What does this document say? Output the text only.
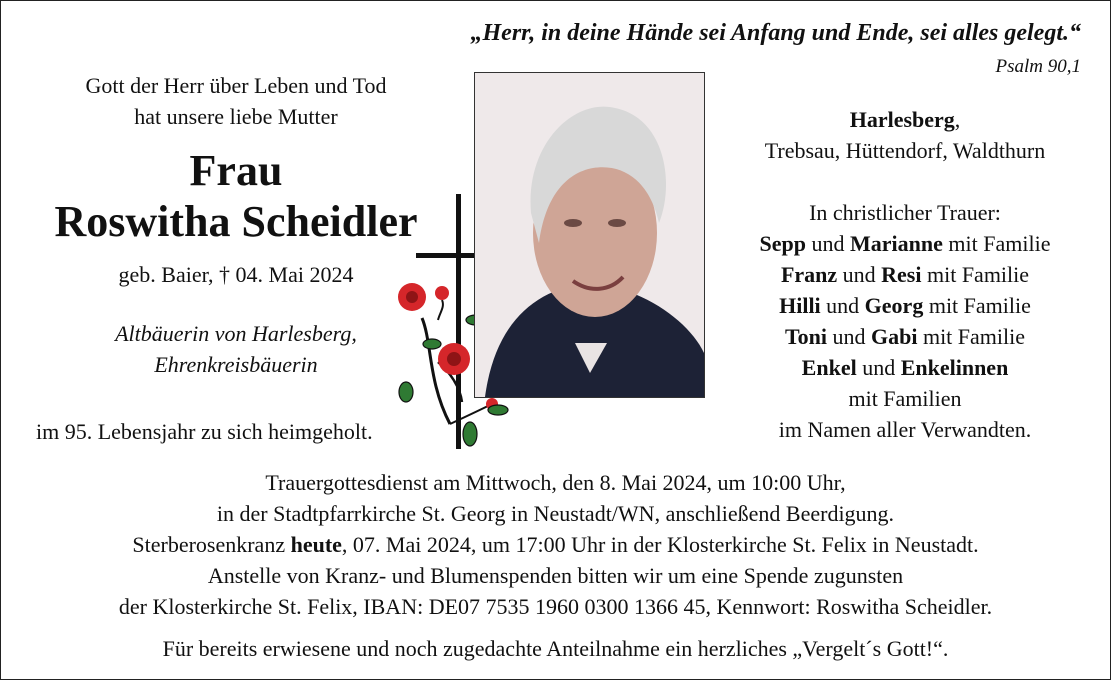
„Herr, in deine Hände sei Anfang und Ende, sei alles gelegt.“
Psalm 90,1
Gott der Herr über Leben und Tod
hat unsere liebe Mutter
Frau
Roswitha Scheidler
geb. Baier, † 04. Mai 2024
Altbäuerin von Harlesberg,
Ehrenkreisbäuerin
im 95. Lebensjahr zu sich heimgeholt.
Harlesberg,
Trebsau, Hüttendorf, Waldthurn
In christlicher Trauer:
Sepp und Marianne mit Familie
Franz und Resi mit Familie
Hilli und Georg mit Familie
Toni und Gabi mit Familie
Enkel und Enkelinnen
mit Familien
im Namen aller Verwandten.
Trauergottesdienst am Mittwoch, den 8. Mai 2024, um 10:00 Uhr,
in der Stadtpfarrkirche St. Georg in Neustadt/WN, anschließend Beerdigung.
Sterberosenkranz heute, 07. Mai 2024, um 17:00 Uhr in der Klosterkirche St. Felix in Neustadt.
Anstelle von Kranz- und Blumenspenden bitten wir um eine Spende zugunsten
der Klosterkirche St. Felix, IBAN: DE07 7535 1960 0300 1366 45, Kennwort: Roswitha Scheidler.
Für bereits erwiesene und noch zugedachte Anteilnahme ein herzliches „Vergelt´s Gott!“.
